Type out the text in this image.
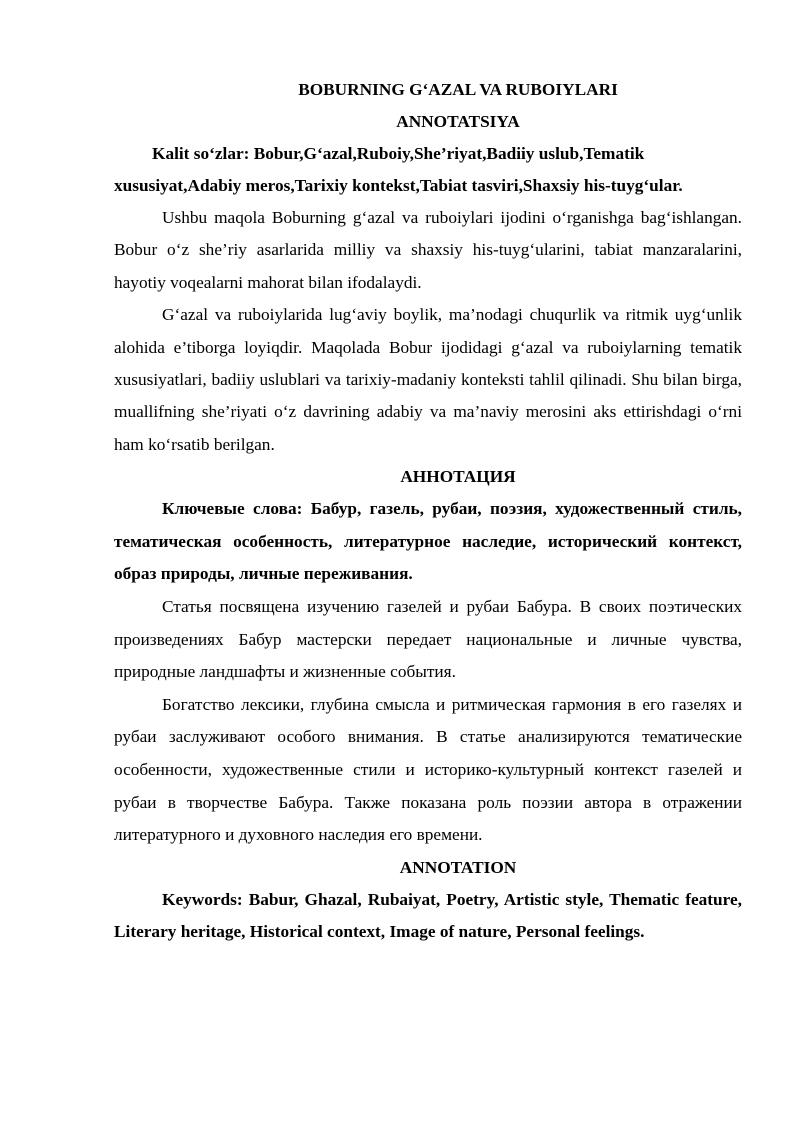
BOBURNING G‘AZAL VA RUBOIYLARI

ANNOTATSIYA

Kalit so‘zlar: Bobur,G‘azal,Ruboiy,She’riyat,Badiiy uslub,Tematik xususiyat,Adabiy meros,Tarixiy kontekst,Tabiat tasviri,Shaxsiy his-tuyg‘ular.

Ushbu maqola Boburning g‘azal va ruboiylari ijodini o‘rganishga bag‘ishlangan. Bobur o‘z she’riy asarlarida milliy va shaxsiy his-tuyg‘ularini, tabiat manzaralarini, hayotiy voqealarni mahorat bilan ifodalaydi.

G‘azal va ruboiylarida lug‘aviy boylik, ma’nodagi chuqurlik va ritmik uyg‘unlik alohida e’tiborga loyiqdir. Maqolada Bobur ijodidagi g‘azal va ruboiylarning tematik xususiyatlari, badiiy uslublari va tarixiy-madaniy konteksti tahlil qilinadi. Shu bilan birga, muallifning she’riyati o‘z davrining adabiy va ma’naviy merosini aks ettirishdagi o‘rni ham ko‘rsatib berilgan.

АННОТАЦИЯ

Ключевые слова: Бабур, газель, рубаи, поэзия, художественный стиль, тематическая особенность, литературное наследие, исторический контекст, образ природы, личные переживания.

Статья посвящена изучению газелей и рубаи Бабура. В своих поэтических произведениях Бабур мастерски передает национальные и личные чувства, природные ландшафты и жизненные события.

Богатство лексики, глубина смысла и ритмическая гармония в его газелях и рубаи заслуживают особого внимания. В статье анализируются тематические особенности, художественные стили и историко-культурный контекст газелей и рубаи в творчестве Бабура. Также показана роль поэзии автора в отражении литературного и духовного наследия его времени.

ANNOTATION

Keywords: Babur, Ghazal, Rubaiyat, Poetry, Artistic style, Thematic feature, Literary heritage, Historical context, Image of nature, Personal feelings.
